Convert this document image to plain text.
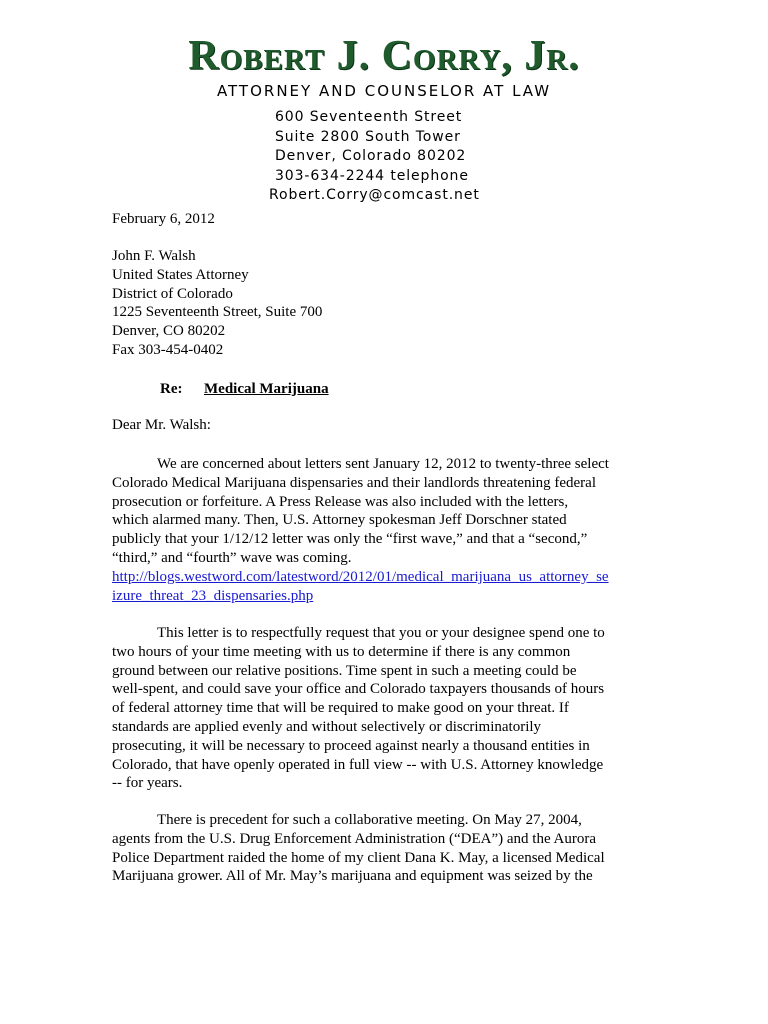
Robert J. Corry, Jr.
ATTORNEY AND COUNSELOR AT LAW
600 Seventeenth Street
Suite 2800 South Tower
Denver, Colorado 80202
303-634-2244 telephone
Robert.Corry@comcast.net
February 6, 2012
John F. Walsh
United States Attorney
District of Colorado
1225 Seventeenth Street, Suite 700
Denver, CO 80202
Fax 303-454-0402
Re: Medical Marijuana
Dear Mr. Walsh:
We are concerned about letters sent January 12, 2012 to twenty-three select
Colorado Medical Marijuana dispensaries and their landlords threatening federal
prosecution or forfeiture. A Press Release was also included with the letters,
which alarmed many. Then, U.S. Attorney spokesman Jeff Dorschner stated
publicly that your 1/12/12 letter was only the “first wave,” and that a “second,”
“third,” and “fourth” wave was coming.
http://blogs.westword.com/latestword/2012/01/medical_marijuana_us_attorney_se
izure_threat_23_dispensaries.php
This letter is to respectfully request that you or your designee spend one to
two hours of your time meeting with us to determine if there is any common
ground between our relative positions. Time spent in such a meeting could be
well-spent, and could save your office and Colorado taxpayers thousands of hours
of federal attorney time that will be required to make good on your threat. If
standards are applied evenly and without selectively or discriminatorily
prosecuting, it will be necessary to proceed against nearly a thousand entities in
Colorado, that have openly operated in full view -- with U.S. Attorney knowledge
-- for years.
There is precedent for such a collaborative meeting. On May 27, 2004,
agents from the U.S. Drug Enforcement Administration (“DEA”) and the Aurora
Police Department raided the home of my client Dana K. May, a licensed Medical
Marijuana grower. All of Mr. May’s marijuana and equipment was seized by the
